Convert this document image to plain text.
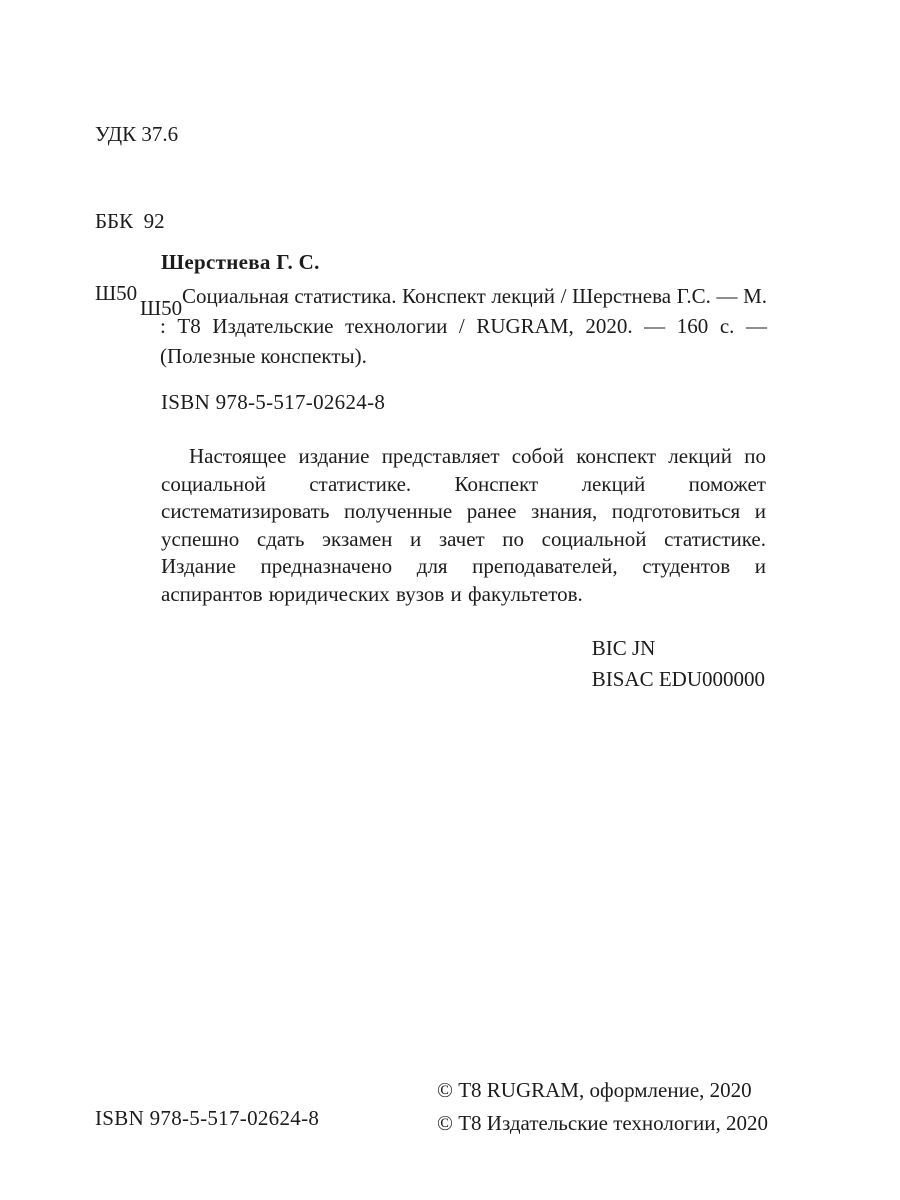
УДК 37.6

ББК  92

Ш50

Шерстнева Г. С.
Ш50	Социальная статистика. Конспект лекций / Шерстнева Г.С. — М. : Т8 Издательские технологии / RUGRAM, 2020. — 160 с. — (Полезные конспекты).

ISBN 978-5-517-02624-8

Настоящее издание представляет собой конспект лекций по социальной статистике. Конспект лекций поможет систематизировать полученные ранее знания, подготовиться и успешно сдать экзамен и зачет по социальной статистике. Издание предназначено для преподавателей, студентов и аспирантов юридических вузов и факультетов.

BIC JN
BISAC EDU000000
ISBN 978-5-517-02624-8
© Т8 RUGRAM, оформление, 2020
© Т8 Издательские технологии, 2020
